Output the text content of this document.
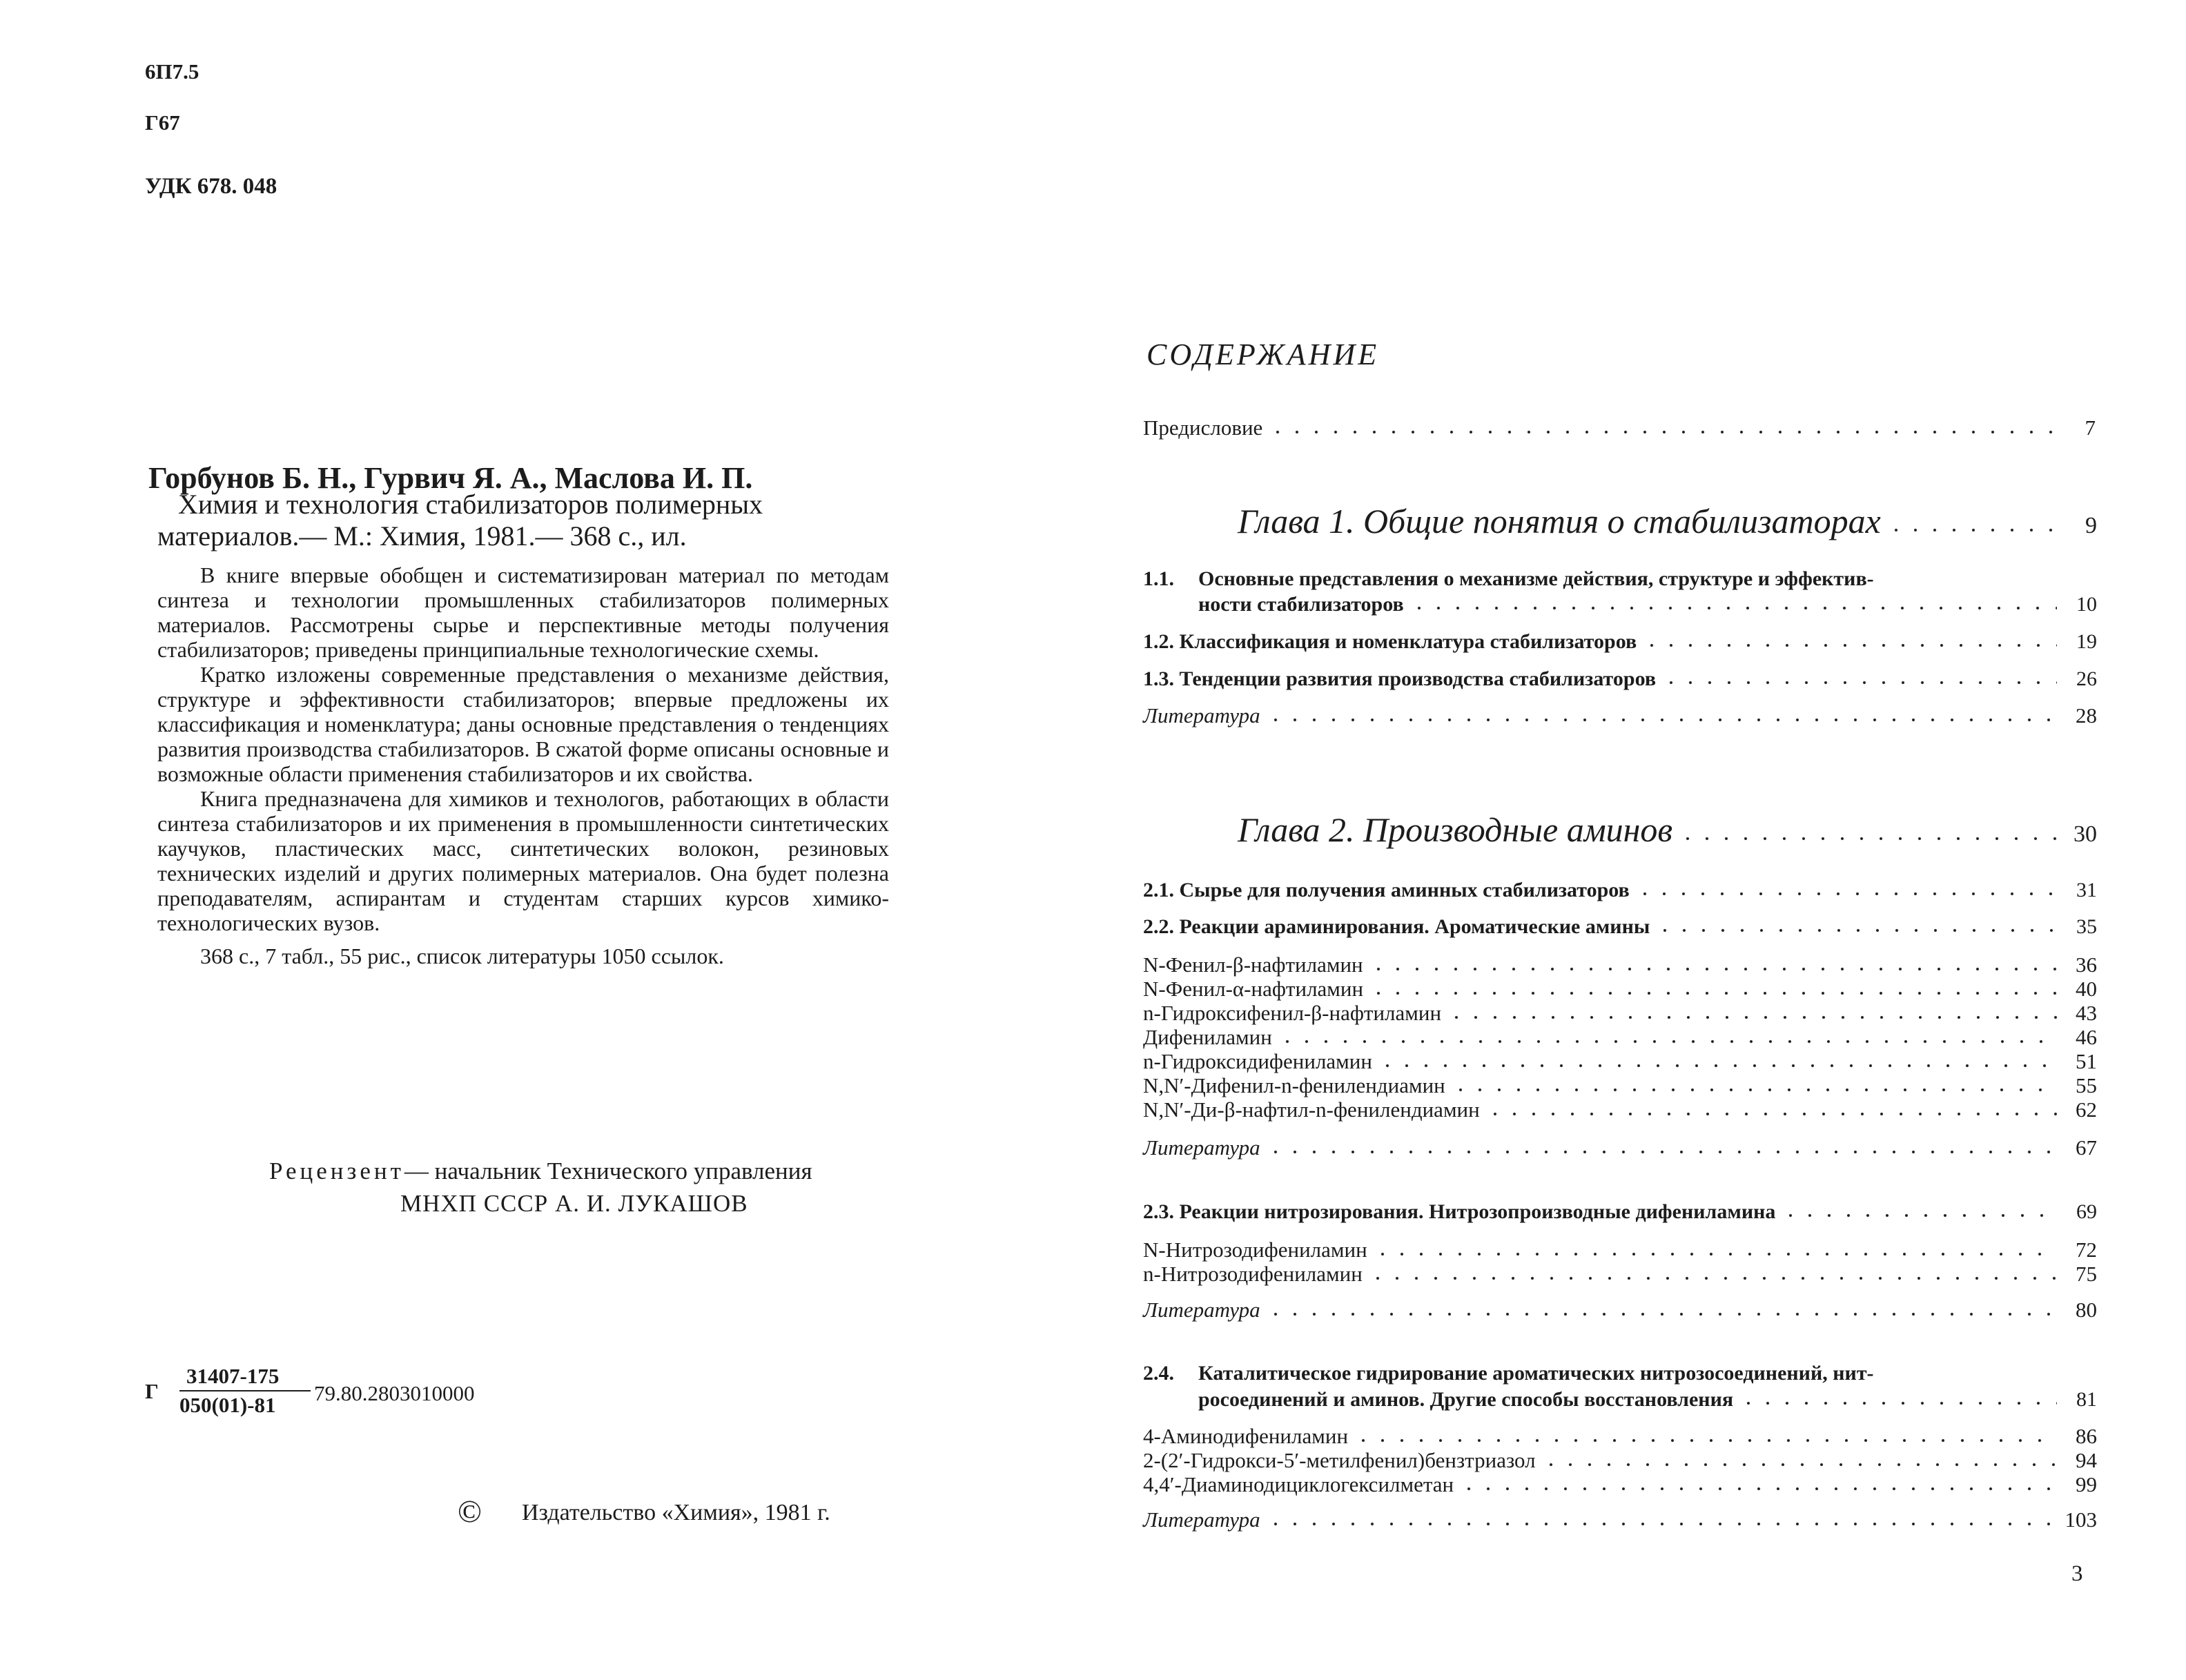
6П7.5
Г67
УДК 678. 048
Горбунов Б. Н., Гурвич Я. А., Маслова И. П.
Химия и технология стабилизаторов полимерных
материалов.— М.: Химия, 1981.— 368 с., ил.

В книге впервые обобщен и систематизирован материал по методам синтеза и технологии промышленных стабилизаторов полимерных материалов. Рассмотрены сырье и перспективные методы получения стабилизаторов; приведены принципиальные технологические схемы.

Кратко изложены современные представления о механизме действия, структуре и эффективности стабилизаторов; впервые предложены их классификация и номенклатура; даны основные представления о тенденциях развития производства стабилизаторов. В сжатой форме описаны основные и возможные области применения стабилизаторов и их свойства.

Книга предназначена для химиков и технологов, работающих в области синтеза стабилизаторов и их применения в промышленности синтетических каучуков, пластических масс, синтетических волокон, резиновых технических изделий и других полимерных материалов. Она будет полезна преподавателям, аспирантам и студентам старших курсов химико-технологических вузов.

368 с., 7 табл., 55 рис., список литературы 1050 ссылок.

Рецензент— начальник Технического управления
МНХП СССР А. И. ЛУКАШОВ
Г $\frac{31407-175}{050(01)-81} 79.80.2803010000$
© Издательство «Химия», 1981 г.
СОДЕРЖАНИЕ
Предисловие	7
Глава 1. Общие понятия о стабилизаторах	9
1.1. Основные представления о механизме действия, структуре и эффектив-
ности стабилизаторов	10
1.2. Классификация и номенклатура стабилизаторов	19
1.3. Тенденции развития производства стабилизаторов	26
Литература	28
Глава 2. Производные аминов	30
2.1. Сырье для получения аминных стабилизаторов	31
2.2. Реакции араминирования. Ароматические амины	35
N-Фенил-β-нафтиламин	36
N-Фенил-α-нафтиламин	40
n-Гидроксифенил-β-нафтиламин	43
Дифениламин	46
n-Гидроксидифениламин	51
N,N′-Дифенил-n-фенилендиамин	55
N,N′-Ди-β-нафтил-n-фенилендиамин	62
Литература	67
2.3. Реакции нитрозирования. Нитрозопроизводные дифениламина	69
N-Нитрозодифениламин	72
n-Нитрозодифениламин	75
Литература	80
2.4. Каталитическое гидрирование ароматических нитрозосоединений, нит-
росоединений и аминов. Другие способы восстановления	81
4-Аминодифениламин	86
2-(2′-Гидрокси-5′-метилфенил)бензтриазол	94
4,4′-Диаминодициклогексилметан	99
Литература	103
3
